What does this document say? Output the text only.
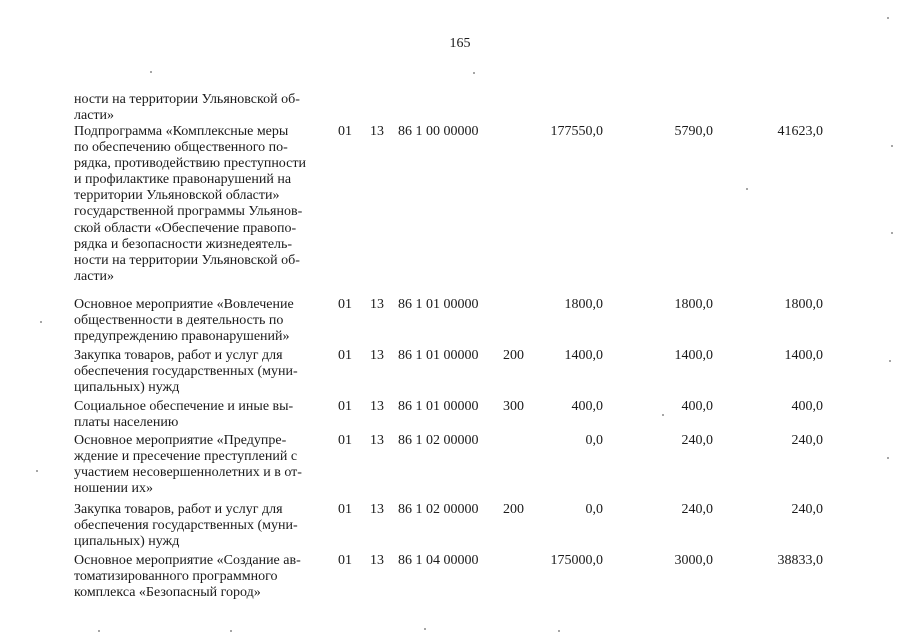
165
ности на территории Ульяновской об-
ласти»
Подпрограмма «Комплексные меры
по обеспечению общественного по-
рядка, противодействию преступности
и профилактике правонарушений на
территории Ульяновской области»
государственной программы Ульянов-
ской области «Обеспечение правопо-
рядка и безопасности жизнедеятель-
ности на территории Ульяновской об-
ласти»
01 13 86 1 00 00000	177550,0	5790,0	41623,0
Основное мероприятие «Вовлечение
общественности в деятельность по
предупреждению правонарушений»
01 13 86 1 01 00000	1800,0	1800,0	1800,0
Закупка товаров, работ и услуг для
обеспечения государственных (муни-
ципальных) нужд
01 13 86 1 01 00000 200	1400,0	1400,0	1400,0
Социальное обеспечение и иные вы-
платы населению
01 13 86 1 01 00000 300	400,0	400,0	400,0
Основное мероприятие «Предупре-
ждение и пресечение преступлений с
участием несовершеннолетних и в от-
ношении их»
01 13 86 1 02 00000	0,0	240,0	240,0
Закупка товаров, работ и услуг для
обеспечения государственных (муни-
ципальных) нужд
01 13 86 1 02 00000 200	0,0	240,0	240,0
Основное мероприятие «Создание ав-
томатизированного программного
комплекса «Безопасный город»
01 13 86 1 04 00000	175000,0	3000,0	38833,0
